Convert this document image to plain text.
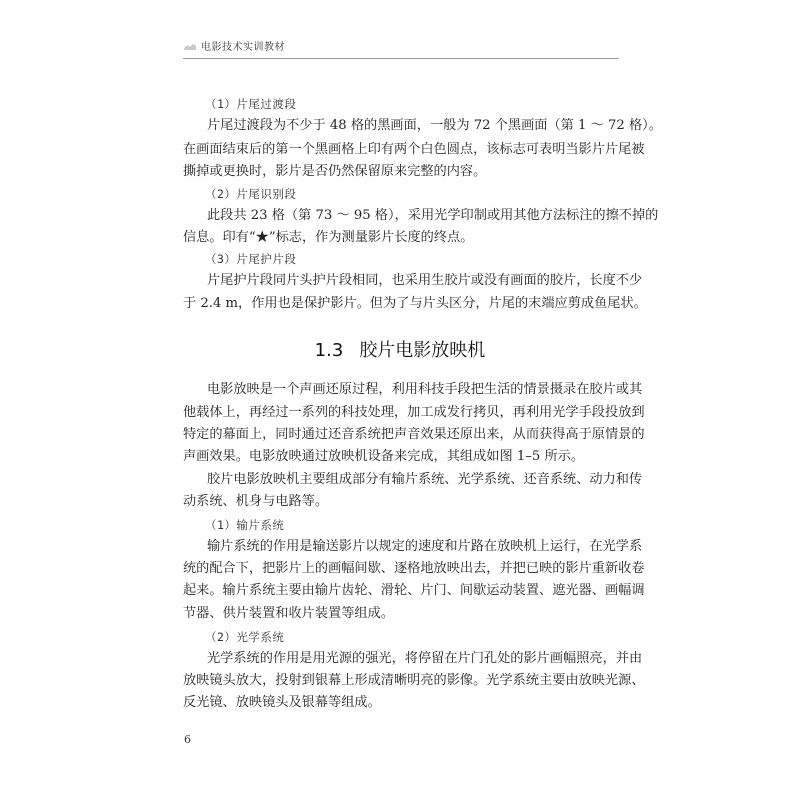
电影技术实训教材
（1）片尾过渡段
片尾过渡段为不少于 48 格的黑画面，一般为 72 个黑画面（第 1 ～ 72 格）。
在画面结束后的第一个黑画格上印有两个白色圆点，该标志可表明当影片片尾被
撕掉或更换时，影片是否仍然保留原来完整的内容。
（2）片尾识别段
此段共 23 格（第 73 ～ 95 格），采用光学印制或用其他方法标注的擦不掉的
信息。印有“★”标志，作为测量影片长度的终点。
（3）片尾护片段
片尾护片段同片头护片段相同，也采用生胶片或没有画面的胶片，长度不少
于 2.4 m，作用也是保护影片。但为了与片头区分，片尾的末端应剪成鱼尾状。
1.3 胶片电影放映机
电影放映是一个声画还原过程，利用科技手段把生活的情景摄录在胶片或其
他载体上，再经过一系列的科技处理，加工成发行拷贝，再利用光学手段投放到
特定的幕面上，同时通过还音系统把声音效果还原出来，从而获得高于原情景的
声画效果。电影放映通过放映机设备来完成，其组成如图 1–5 所示。
胶片电影放映机主要组成部分有输片系统、光学系统、还音系统、动力和传
动系统、机身与电路等。
（1）输片系统
输片系统的作用是输送影片以规定的速度和片路在放映机上运行，在光学系
统的配合下，把影片上的画幅间歇、逐格地放映出去，并把已映的影片重新收卷
起来。输片系统主要由输片齿轮、滑轮、片门、间歇运动装置、遮光器、画幅调
节器、供片装置和收片装置等组成。
（2）光学系统
光学系统的作用是用光源的强光，将停留在片门孔处的影片画幅照亮，并由
放映镜头放大，投射到银幕上形成清晰明亮的影像。光学系统主要由放映光源、
反光镜、放映镜头及银幕等组成。
6
